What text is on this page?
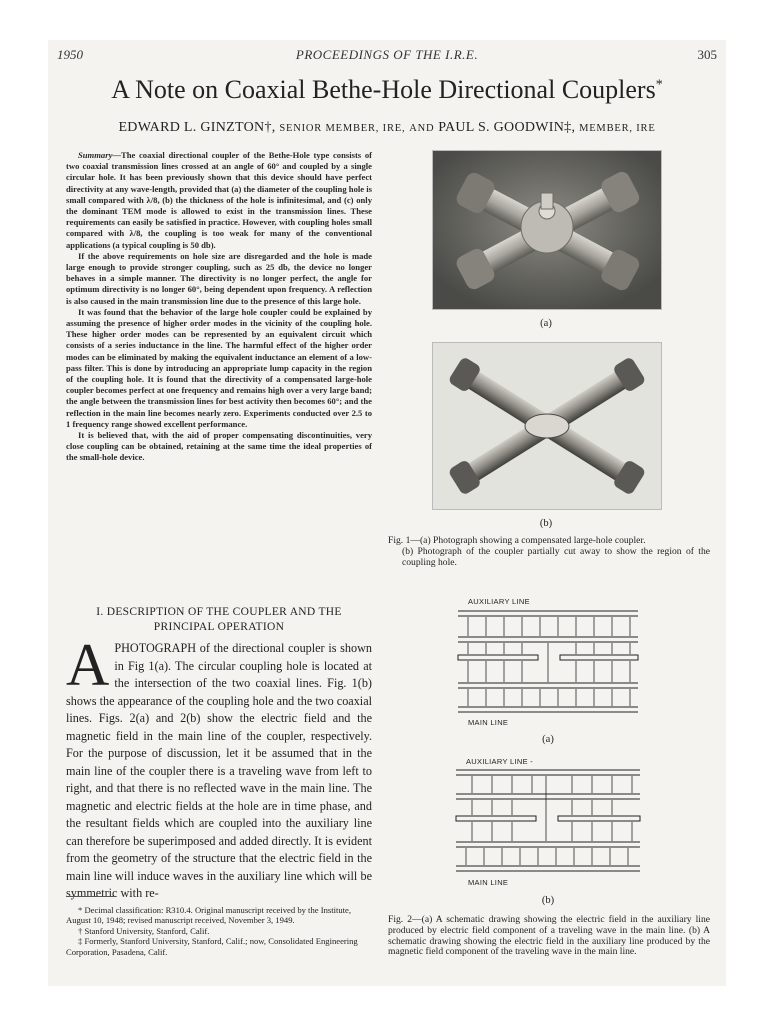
1950	PROCEEDINGS OF THE I.R.E.	305
A Note on Coaxial Bethe-Hole Directional Couplers*
EDWARD L. GINZTON†, SENIOR MEMBER, IRE, AND PAUL S. GOODWIN‡, MEMBER, IRE

Summary—The coaxial directional coupler of the Bethe-Hole type consists of two coaxial transmission lines crossed at an angle of 60° and coupled by a single circular hole. It has been previously shown that this device should have perfect directivity at any wave-length, provided that (a) the diameter of the coupling hole is small compared with λ/8, (b) the thickness of the hole is infinitesimal, and (c) only the dominant TEM mode is allowed to exist in the transmission lines. These requirements can easily be satisfied in practice. However, with coupling holes small compared with λ/8, the coupling is too weak for many of the conventional applications (a typical coupling is 50 db).

If the above requirements on hole size are disregarded and the hole is made large enough to provide stronger coupling, such as 25 db, the device no longer behaves in a simple manner. The directivity is no longer perfect, the angle for optimum directivity is no longer 60°, being dependent upon frequency. A reflection is also caused in the main transmission line due to the presence of this large hole.

It was found that the behavior of the large hole coupler could be explained by assuming the presence of higher order modes in the vicinity of the coupling hole. These higher order modes can be represented by an equivalent circuit which consists of a series inductance in the line. The harmful effect of the higher order modes can be eliminated by making the equivalent inductance an element of a low-pass filter. This is done by introducing an appropriate lump capacity in the region of the coupling hole. It is found that the directivity of a compensated large-hole coupler becomes perfect at one frequency and remains high over a very large band; the angle between the transmission lines for best activity then becomes 60°; and the reflection in the main line becomes nearly zero. Experiments conducted over 2.5 to 1 frequency range showed excellent performance.

It is believed that, with the aid of proper compensating discontinuities, very close coupling can be obtained, retaining at the same time the ideal properties of the small-hole device.

I. DESCRIPTION OF THE COUPLER AND THE
PRINCIPAL OPERATION
APHOTOGRAPH of the directional coupler is shown in Fig 1(a). The circular coupling hole is located at the intersection of the two coaxial lines. Fig. 1(b) shows the appearance of the coupling hole and the two coaxial lines. Figs. 2(a) and 2(b) show the electric field and the magnetic field in the main line of the coupler, respectively. For the purpose of discussion, let it be assumed that in the main line of the coupler there is a traveling wave from left to right, and that there is no reflected wave in the main line. The magnetic and electric fields at the hole are in time phase, and the resultant fields which are coupled into the auxiliary line can therefore be superimposed and added directly. It is evident from the geometry of the structure that the electric field in the main line will induce waves in the auxiliary line which will be symmetric with re-

* Decimal classification: R310.4. Original manuscript received by the Institute, August 10, 1948; revised manuscript received, November 3, 1949.

† Stanford University, Stanford, Calif.

‡ Formerly, Stanford University, Stanford, Calif.; now, Consolidated Engineering Corporation, Pasadena, Calif.

(a)
(b)

Fig. 1—(a) Photograph showing a compensated large-hole coupler.

(b) Photograph of the coupler partially cut away to show the region of the coupling hole.

AUXILIARY LINE
MAIN LINE
(a)
AUXILIARY LINE -
MAIN LINE
(b)
Fig. 2—(a) A schematic drawing showing the electric field in the auxiliary line produced by electric field component of a traveling wave in the main line. (b) A schematic drawing showing the electric field in the auxiliary line produced by the magnetic field component of the traveling wave in the main line.
